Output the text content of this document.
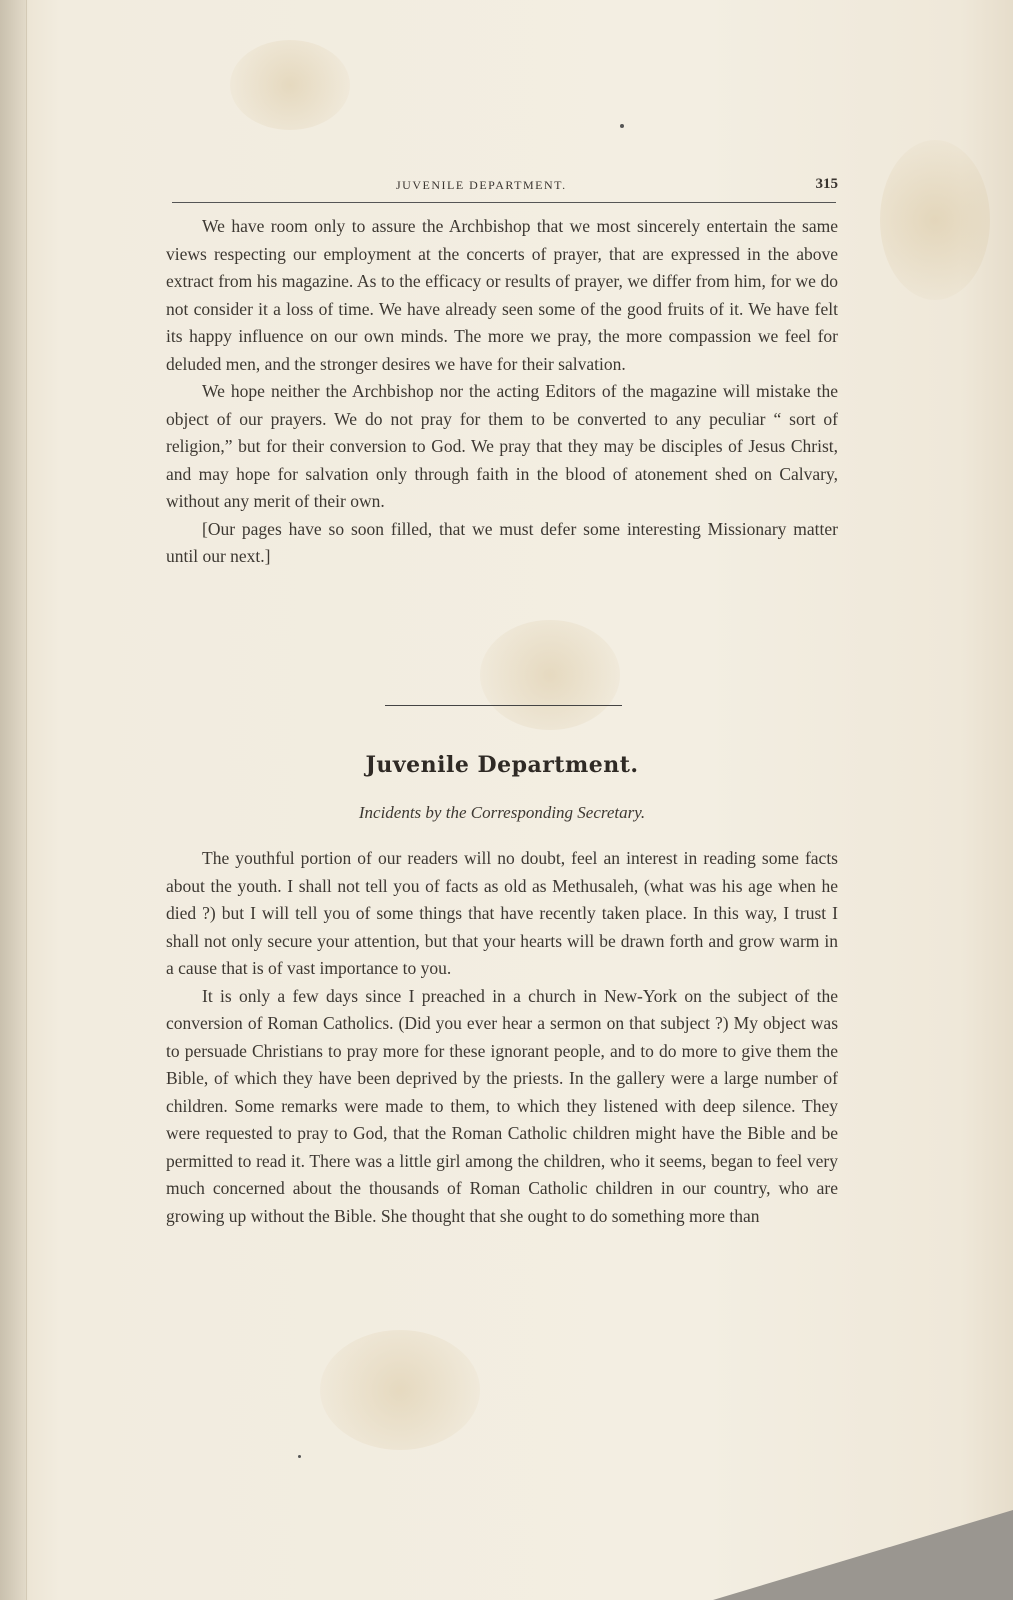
JUVENILE DEPARTMENT.	315

We have room only to assure the Archbishop that we most sincerely entertain the same views respecting our employment at the concerts of prayer, that are expressed in the above extract from his magazine. As to the efficacy or results of prayer, we differ from him, for we do not consider it a loss of time. We have already seen some of the good fruits of it. We have felt its happy influence on our own minds. The more we pray, the more compassion we feel for deluded men, and the stronger desires we have for their salvation.

We hope neither the Archbishop nor the acting Editors of the magazine will mistake the object of our prayers. We do not pray for them to be converted to any peculiar “ sort of religion,” but for their conversion to God. We pray that they may be disciples of Jesus Christ, and may hope for salvation only through faith in the blood of atonement shed on Calvary, without any merit of their own.

[Our pages have so soon filled, that we must defer some interesting Missionary matter until our next.]

Juvenile Department.
Incidents by the Corresponding Secretary.

The youthful portion of our readers will no doubt, feel an interest in reading some facts about the youth. I shall not tell you of facts as old as Methusaleh, (what was his age when he died ?) but I will tell you of some things that have recently taken place. In this way, I trust I shall not only secure your attention, but that your hearts will be drawn forth and grow warm in a cause that is of vast importance to you.

It is only a few days since I preached in a church in New-York on the subject of the conversion of Roman Catholics. (Did you ever hear a sermon on that subject ?) My object was to persuade Christians to pray more for these ignorant people, and to do more to give them the Bible, of which they have been deprived by the priests. In the gallery were a large number of children. Some remarks were made to them, to which they listened with deep silence. They were requested to pray to God, that the Roman Catholic children might have the Bible and be permitted to read it. There was a little girl among the children, who it seems, began to feel very much concerned about the thousands of Roman Catholic children in our country, who are growing up without the Bible. She thought that she ought to do something more than
